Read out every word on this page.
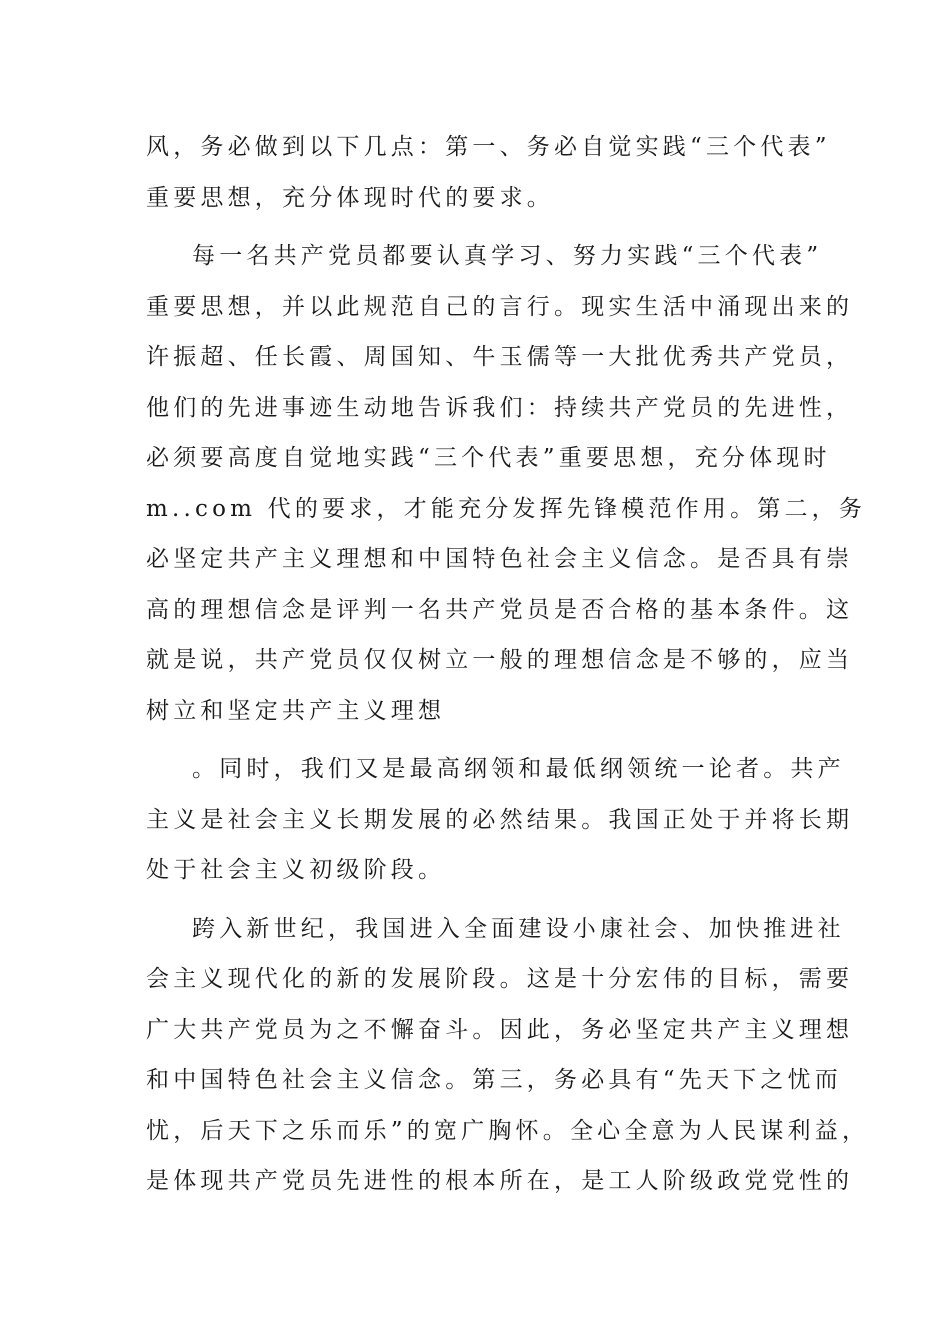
风，务必做到以下几点：第一、务必自觉实践“三个代表”
重要思想，充分体现时代的要求。
每一名共产党员都要认真学习、努力实践“三个代表”
重要思想，并以此规范自己的言行。现实生活中涌现出来的
许振超、任长霞、周国知、牛玉儒等一大批优秀共产党员，
他们的先进事迹生动地告诉我们：持续共产党员的先进性，
必须要高度自觉地实践“三个代表”重要思想，充分体现时
m..com 代的要求，才能充分发挥先锋模范作用。第二，务
必坚定共产主义理想和中国特色社会主义信念。是否具有崇
高的理想信念是评判一名共产党员是否合格的基本条件。这
就是说，共产党员仅仅树立一般的理想信念是不够的，应当
树立和坚定共产主义理想
。同时，我们又是最高纲领和最低纲领统一论者。共产
主义是社会主义长期发展的必然结果。我国正处于并将长期
处于社会主义初级阶段。
跨入新世纪，我国进入全面建设小康社会、加快推进社
会主义现代化的新的发展阶段。这是十分宏伟的目标，需要
广大共产党员为之不懈奋斗。因此，务必坚定共产主义理想
和中国特色社会主义信念。第三，务必具有“先天下之忧而
忧，后天下之乐而乐”的宽广胸怀。全心全意为人民谋利益，
是体现共产党员先进性的根本所在，是工人阶级政党党性的
